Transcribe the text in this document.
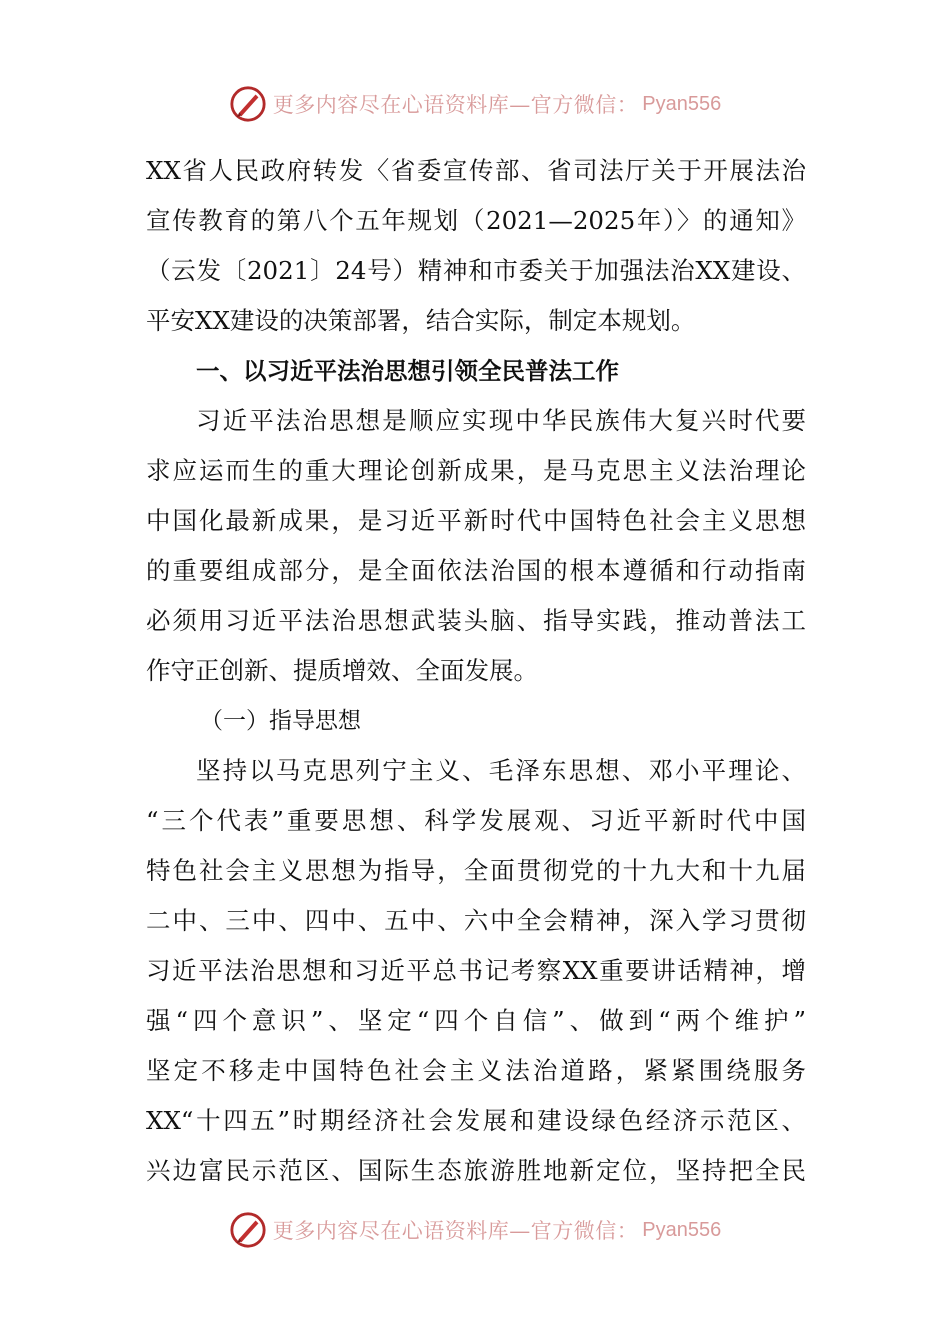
更多内容尽在心语资料库—官方微信： Pyan556
XX省人民政府转发〈省委宣传部、省司法厅关于开展法治
宣传教育的第八个五年规划（2021—2025年）〉的通知》
（云发〔2021〕24号）精神和市委关于加强法治XX建设、
平安XX建设的决策部署，结合实际，制定本规划。
一、以习近平法治思想引领全民普法工作
习近平法治思想是顺应实现中华民族伟大复兴时代要
求应运而生的重大理论创新成果，是马克思主义法治理论
中国化最新成果，是习近平新时代中国特色社会主义思想
的重要组成部分，是全面依法治国的根本遵循和行动指南
必须用习近平法治思想武装头脑、指导实践，推动普法工
作守正创新、提质增效、全面发展。
（一）指导思想
坚持以马克思列宁主义、毛泽东思想、邓小平理论、
“三个代表”重要思想、科学发展观、习近平新时代中国
特色社会主义思想为指导，全面贯彻党的十九大和十九届
二中、三中、四中、五中、六中全会精神，深入学习贯彻
习近平法治思想和习近平总书记考察XX重要讲话精神，增
强“四个意识”、坚定“四个自信”、做到“两个维护”
坚定不移走中国特色社会主义法治道路，紧紧围绕服务
XX“十四五”时期经济社会发展和建设绿色经济示范区、
兴边富民示范区、国际生态旅游胜地新定位，坚持把全民
更多内容尽在心语资料库—官方微信： Pyan556
